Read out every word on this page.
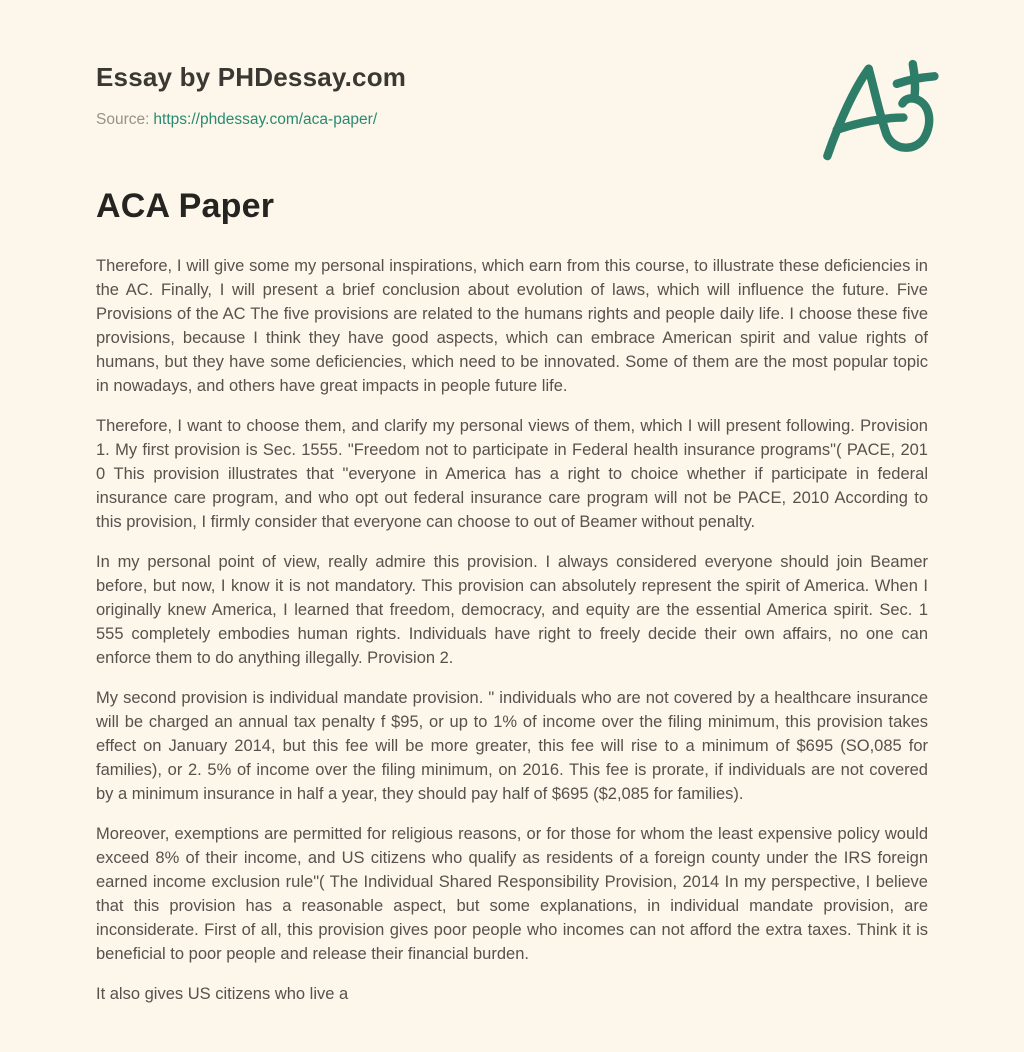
Essay by PHDessay.com
Source: https://phdessay.com/aca-paper/
ACA Paper

Therefore, I will give some my personal inspirations, which earn from this course, to illustrate these deficiencies in the AC. Finally, I will present a brief conclusion about evolution of laws, which will influence the future. Five Provisions of the AC The five provisions are related to the humans rights and people daily life. I choose these five provisions, because I think they have good aspects, which can embrace American spirit and value rights of humans, but they have some deficiencies, which need to be innovated. Some of them are the most popular topic in nowadays, and others have great impacts in people future life.

Therefore, I want to choose them, and clarify my personal views of them, which I will present following. Provision 1. My first provision is Sec. 1555. "Freedom not to participate in Federal health insurance programs"( PACE, 201 0 This provision illustrates that "everyone in America has a right to choice whether if participate in federal insurance care program, and who opt out federal insurance care program will not be PACE, 2010 According to this provision, I firmly consider that everyone can choose to out of Beamer without penalty.

In my personal point of view, really admire this provision. I always considered everyone should join Beamer before, but now, I know it is not mandatory. This provision can absolutely represent the spirit of America. When I originally knew America, I learned that freedom, democracy, and equity are the essential America spirit. Sec. 1 555 completely embodies human rights. Individuals have right to freely decide their own affairs, no one can enforce them to do anything illegally. Provision 2.

My second provision is individual mandate provision. " individuals who are not covered by a healthcare insurance will be charged an annual tax penalty f $95, or up to 1% of income over the filing minimum, this provision takes effect on January 2014, but this fee will be more greater, this fee will rise to a minimum of $695 (SO,085 for families), or 2. 5% of income over the filing minimum, on 2016. This fee is prorate, if individuals are not covered by a minimum insurance in half a year, they should pay half of $695 ($2,085 for families).

Moreover, exemptions are permitted for religious reasons, or for those for whom the least expensive policy would exceed 8% of their income, and US citizens who qualify as residents of a foreign county under the IRS foreign earned income exclusion rule"( The Individual Shared Responsibility Provision, 2014 In my perspective, I believe that this provision has a reasonable aspect, but some explanations, in individual mandate provision, are inconsiderate. First of all, this provision gives poor people who incomes can not afford the extra taxes. Think it is beneficial to poor people and release their financial burden.

It also gives US citizens who live a
